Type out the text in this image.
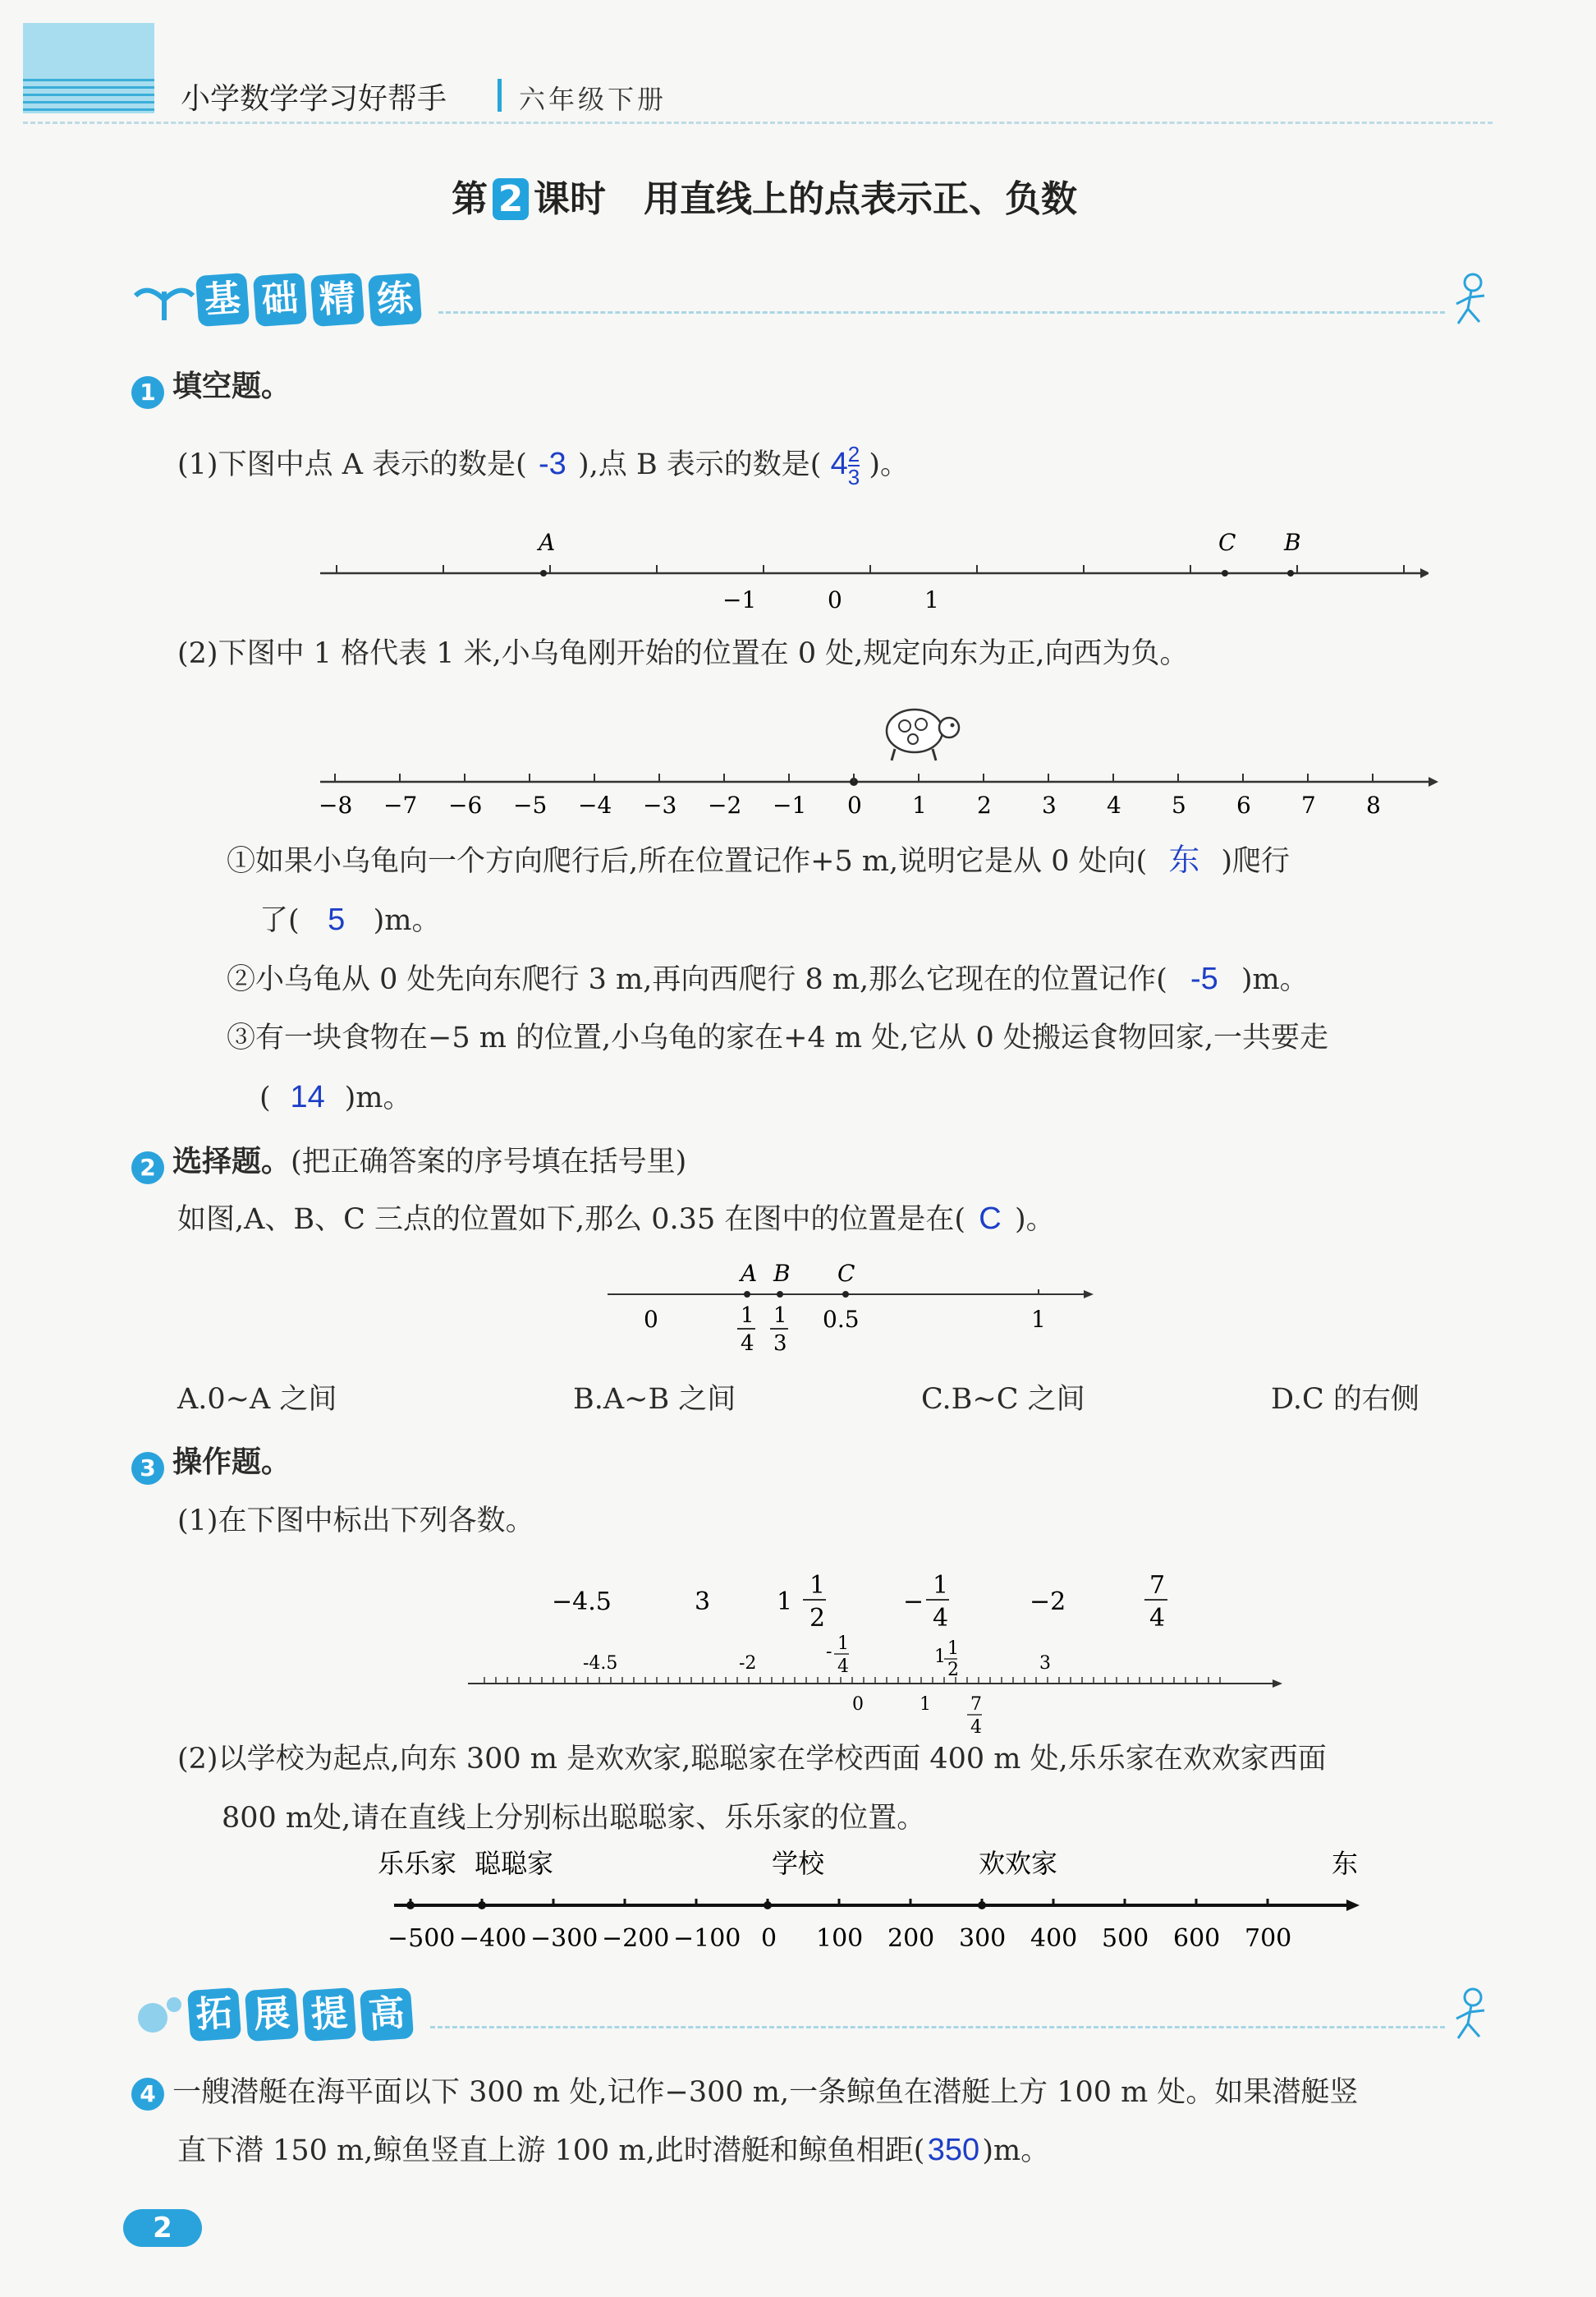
小学数学学习好帮手	六年级下册
第 2 课时 用直线上的点表示正、负数
基 础 精 练
1 填空题。
(1)下图中点 A 表示的数是( -3 ),点 B 表示的数是( $4 \frac{2}{3}$ )。
A	C B
−1	0	1
(2)下图中 1 格代表 1 米,小乌龟刚开始的位置在 0 处,规定向东为正,向西为负。
−8 −7 −6 −5 −4 −3 −2 −1 0 1 2 3 4 5 6 7 8
①如果小乌龟向一个方向爬行后,所在位置记作+5 m,说明它是从 0 处向( 东 )爬行
了( 5 )m。
②小乌龟从 0 处先向东爬行 3 m,再向西爬行 8 m,那么它现在的位置记作( -5 )m。
③有一块食物在−5 m 的位置,小乌龟的家在+4 m 处,它从 0 处搬运食物回家,一共要走
( 14 )m。
2 选择题。(把正确答案的序号填在括号里)
如图,A、B、C 三点的位置如下,那么 0.35 在图中的位置是在( C )。
A B C
0	0.5	1
1
4
1
3
A.0∼A 之间	B.A∼B 之间	C.B∼C 之间	D.C 的右侧
3 操作题。
(1)在下图中标出下列各数。
−4.5	3	1
1
2
−
1
4
−2
7
4
-4.5	-2
- 1
4	1 1
2	3
0	1 7
4
(2)以学校为起点,向东 300 m 是欢欢家,聪聪家在学校西面 400 m 处,乐乐家在欢欢家西面
800 m处,请在直线上分别标出聪聪家、乐乐家的位置。
乐乐家 聪聪家	学校	欢欢家	东
−500 −400 −300 −200 −100 0 100 200 300 400 500 600 700
拓 展 提 高
4 一艘潜艇在海平面以下 300 m 处,记作−300 m,一条鲸鱼在潜艇上方 100 m 处。如果潜艇竖
直下潜 150 m,鲸鱼竖直上游 100 m,此时潜艇和鲸鱼相距(350)m。
2
